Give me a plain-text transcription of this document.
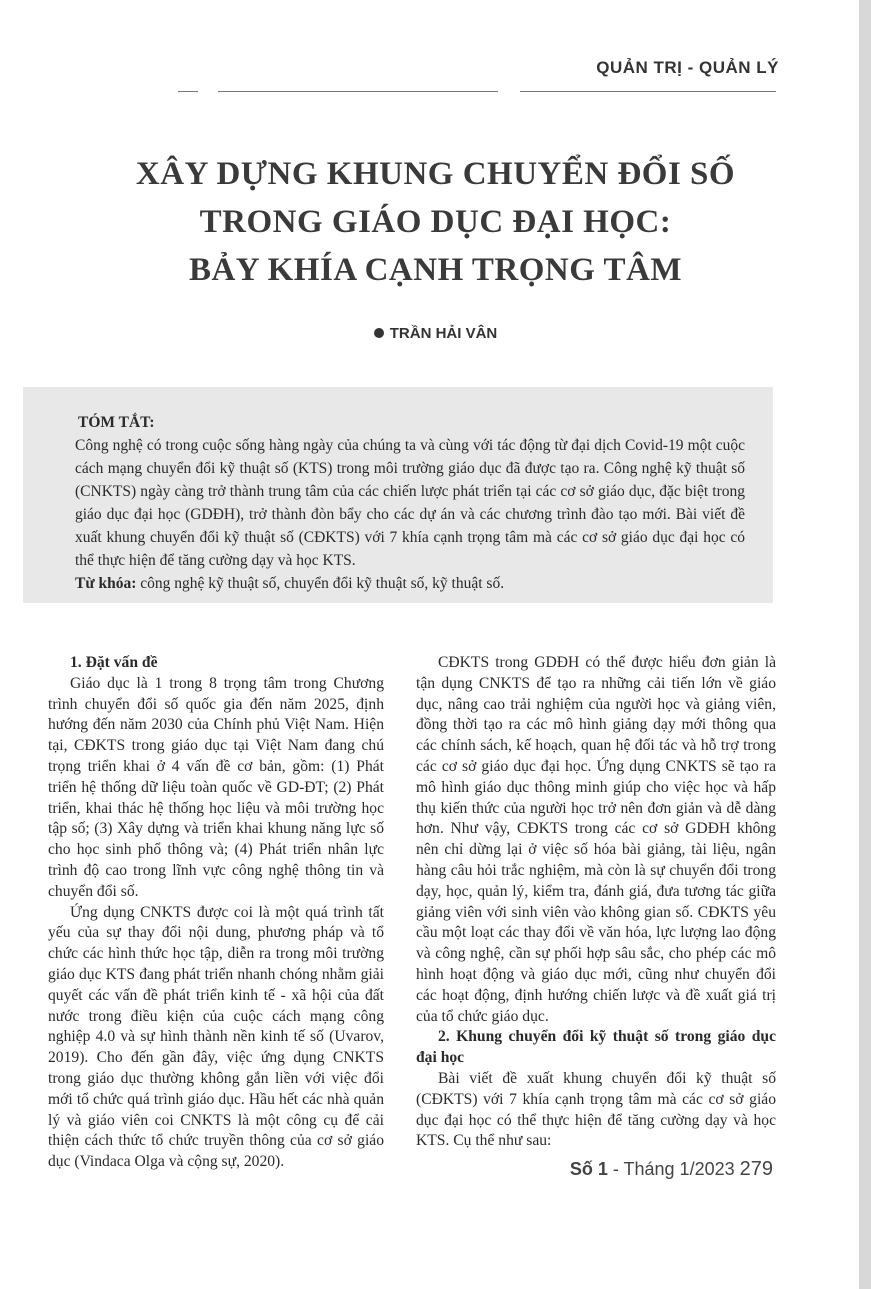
QUẢN TRỊ - QUẢN LÝ
XÂY DỰNG KHUNG CHUYỂN ĐỔI SỐ
TRONG GIÁO DỤC ĐẠI HỌC:
BẢY KHÍA CẠNH TRỌNG TÂM
TRẦN HẢI VÂN
TÓM TẮT:
Công nghệ có trong cuộc sống hàng ngày của chúng ta và cùng với tác động từ đại dịch Covid-19 một cuộc cách mạng chuyển đổi kỹ thuật số (KTS) trong môi trường giáo dục đã được tạo ra. Công nghệ kỹ thuật số (CNKTS) ngày càng trở thành trung tâm của các chiến lược phát triển tại các cơ sở giáo dục, đặc biệt trong giáo dục đại học (GDĐH), trở thành đòn bẩy cho các dự án và các chương trình đào tạo mới. Bài viết đề xuất khung chuyển đổi kỹ thuật số (CĐKTS) với 7 khía cạnh trọng tâm mà các cơ sở giáo dục đại học có thể thực hiện để tăng cường dạy và học KTS.
Từ khóa: công nghệ kỹ thuật số, chuyển đổi kỹ thuật số, kỹ thuật số.

1. Đặt vấn đề

Giáo dục là 1 trong 8 trọng tâm trong Chương trình chuyển đổi số quốc gia đến năm 2025, định hướng đến năm 2030 của Chính phủ Việt Nam. Hiện tại, CĐKTS trong giáo dục tại Việt Nam đang chú trọng triển khai ở 4 vấn đề cơ bản, gồm: (1) Phát triển hệ thống dữ liệu toàn quốc về GD-ĐT; (2) Phát triển, khai thác hệ thống học liệu và môi trường học tập số; (3) Xây dựng và triển khai khung năng lực số cho học sinh phổ thông và; (4) Phát triển nhân lực trình độ cao trong lĩnh vực công nghệ thông tin và chuyển đổi số.

Ứng dụng CNKTS được coi là một quá trình tất yếu của sự thay đổi nội dung, phương pháp và tổ chức các hình thức học tập, diễn ra trong môi trường giáo dục KTS đang phát triển nhanh chóng nhằm giải quyết các vấn đề phát triển kinh tế - xã hội của đất nước trong điều kiện của cuộc cách mạng công nghiệp 4.0 và sự hình thành nền kinh tế số (Uvarov, 2019). Cho đến gần đây, việc ứng dụng CNKTS trong giáo dục thường không gắn liền với việc đổi mới tổ chức quá trình giáo dục. Hầu hết các nhà quản lý và giáo viên coi CNKTS là một công cụ để cải thiện cách thức tổ chức truyền thông của cơ sở giáo dục (Vindaca Olga và cộng sự, 2020).

CĐKTS trong GDĐH có thể được hiểu đơn giản là tận dụng CNKTS để tạo ra những cải tiến lớn về giáo dục, nâng cao trải nghiệm của người học và giảng viên, đồng thời tạo ra các mô hình giảng dạy mới thông qua các chính sách, kế hoạch, quan hệ đối tác và hỗ trợ trong các cơ sở giáo dục đại học. Ứng dụng CNKTS sẽ tạo ra mô hình giáo dục thông minh giúp cho việc học và hấp thụ kiến thức của người học trở nên đơn giản và dễ dàng hơn. Như vậy, CĐKTS trong các cơ sở GDĐH không nên chỉ dừng lại ở việc số hóa bài giảng, tài liệu, ngân hàng câu hỏi trắc nghiệm, mà còn là sự chuyển đổi trong dạy, học, quản lý, kiểm tra, đánh giá, đưa tương tác giữa giảng viên với sinh viên vào không gian số. CĐKTS yêu cầu một loạt các thay đổi về văn hóa, lực lượng lao động và công nghệ, cần sự phối hợp sâu sắc, cho phép các mô hình hoạt động và giáo dục mới, cũng như chuyển đổi các hoạt động, định hướng chiến lược và đề xuất giá trị của tổ chức giáo dục.

2. Khung chuyển đổi kỹ thuật số trong giáo dục đại học

Bài viết đề xuất khung chuyển đổi kỹ thuật số (CĐKTS) với 7 khía cạnh trọng tâm mà các cơ sở giáo dục đại học có thể thực hiện để tăng cường dạy và học KTS. Cụ thể như sau:

Số 1 - Tháng 1/2023 279
